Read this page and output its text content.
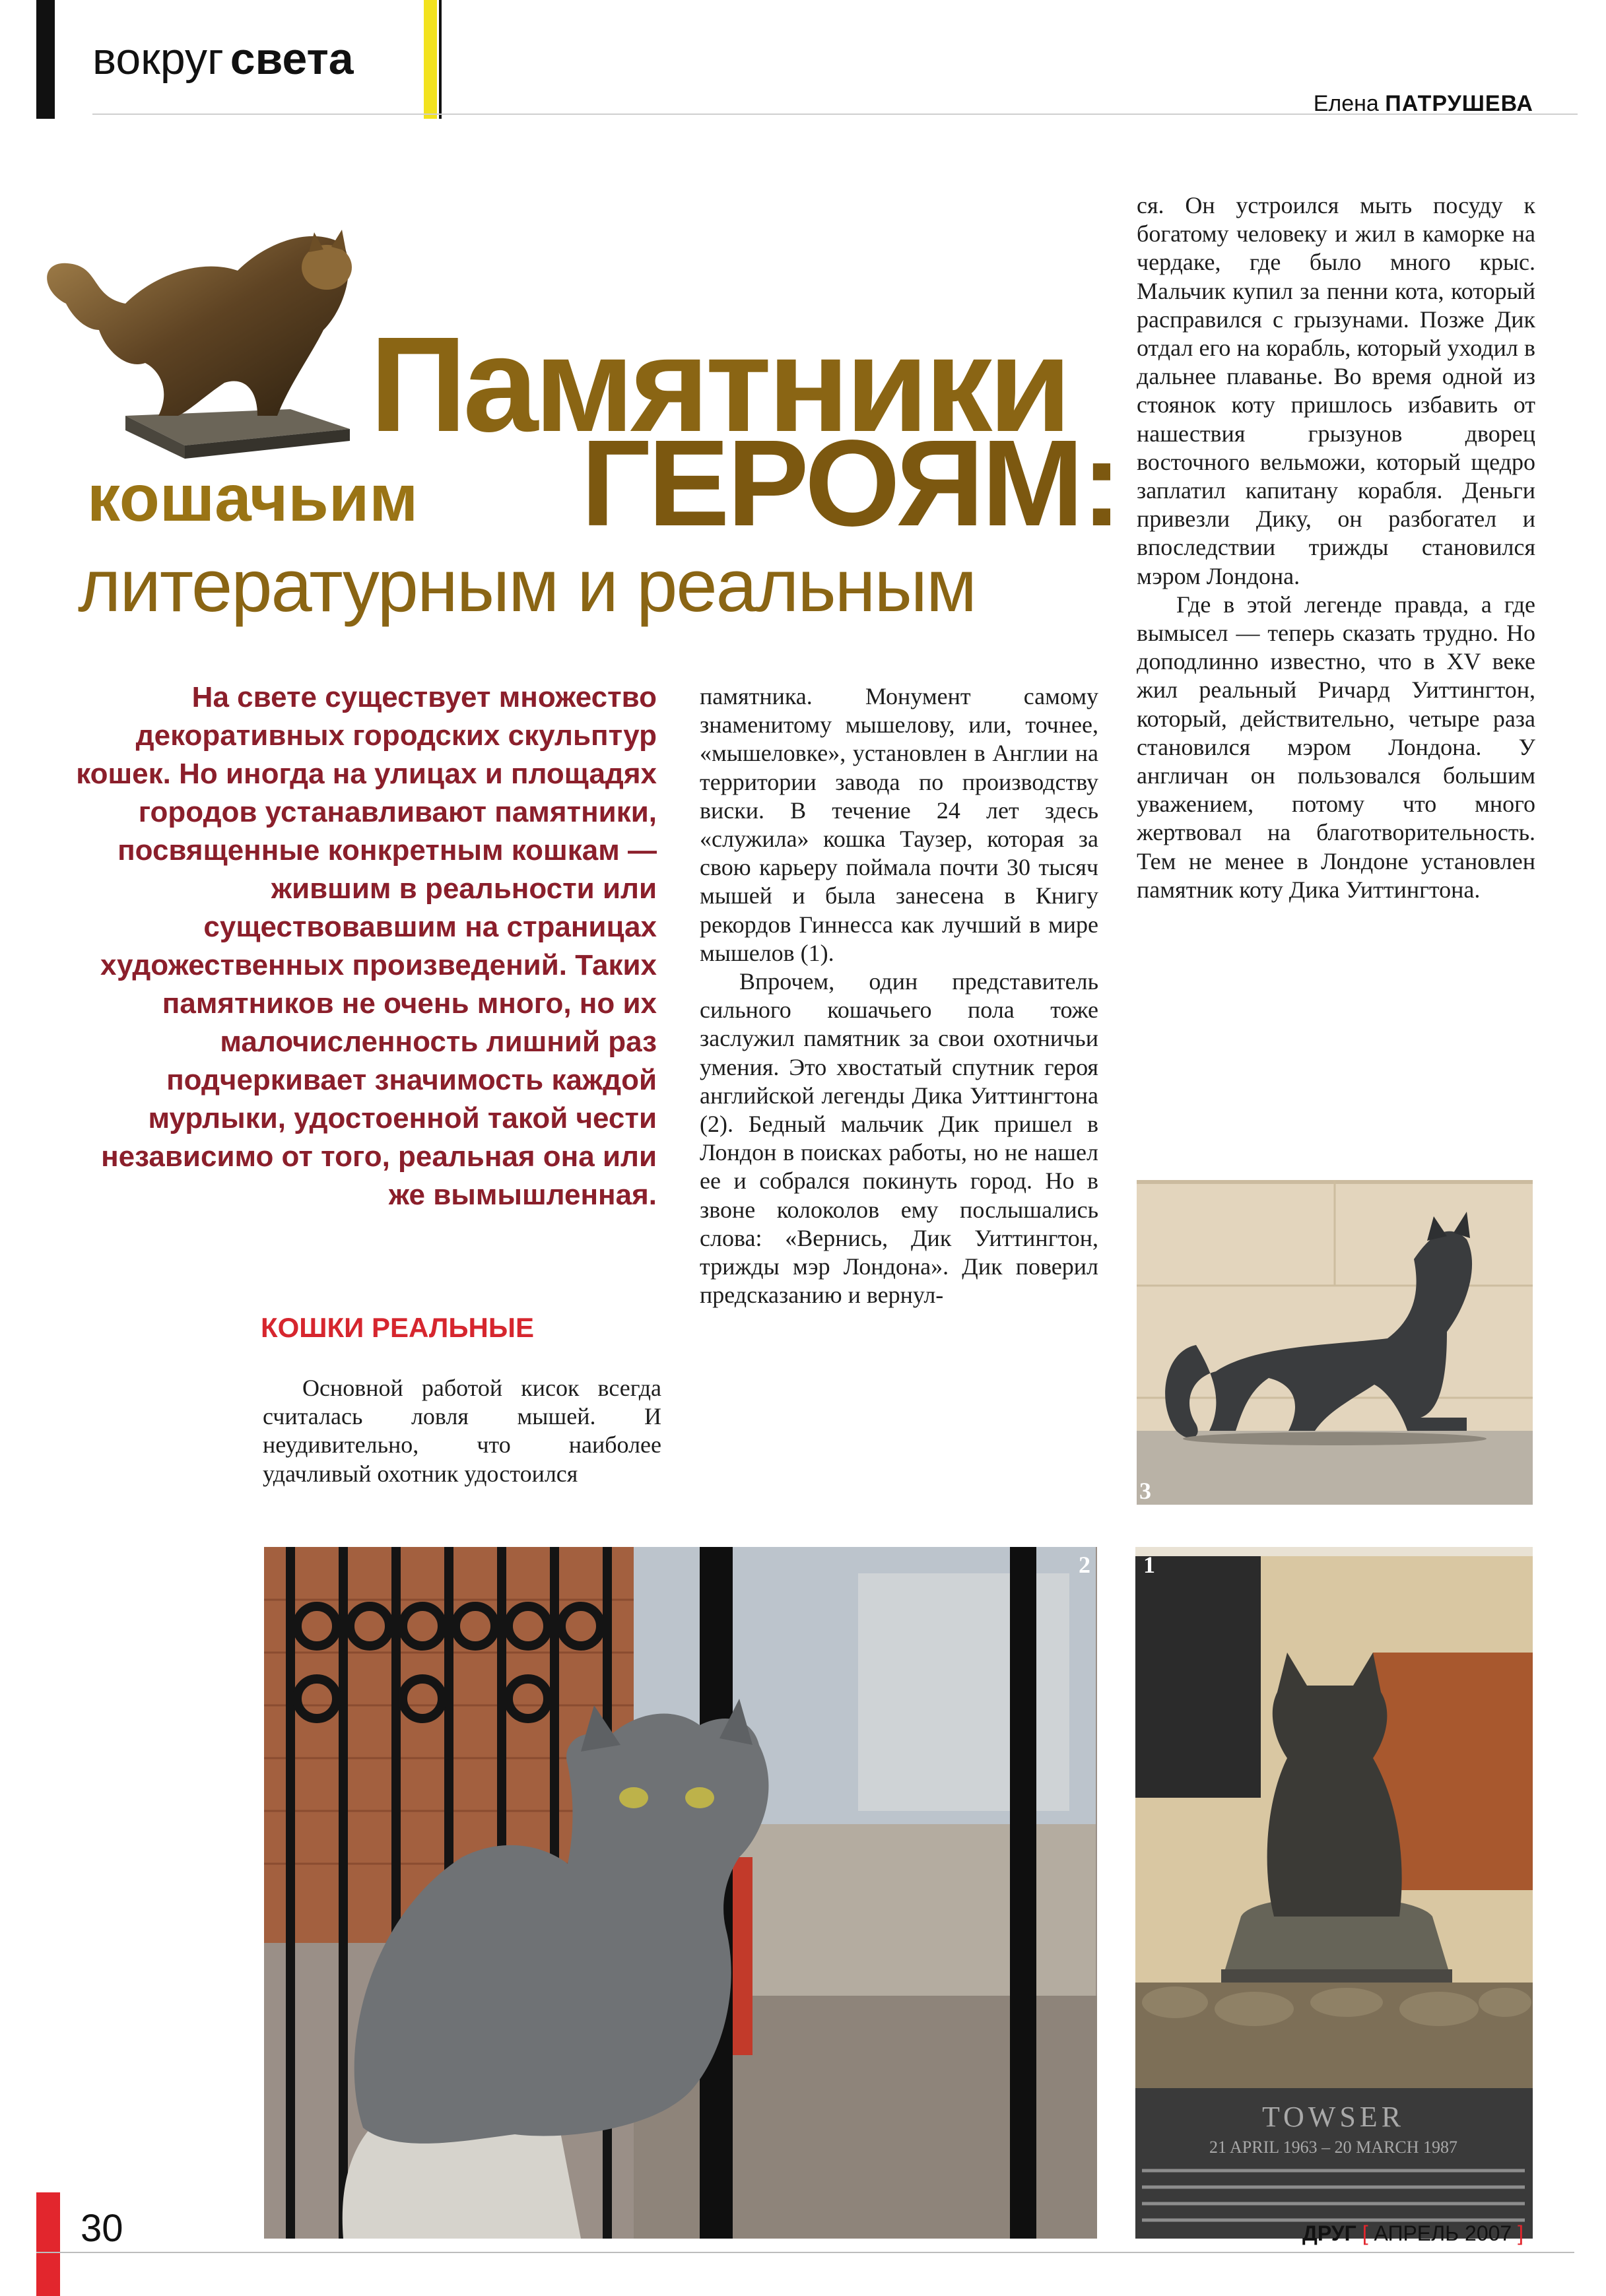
вокруг света
Елена ПАТРУШЕВА
Памятники
кошачьим ГЕРОЯМ:
литературным и реальным
На свете существует множество декоративных городских скульптур кошек. Но иногда на улицах и площадях городов устанавливают памятники, посвященные конкретным кошкам — жившим в реальности или существовавшим на страницах художественных произведений. Таких памятников не очень много, но их малочисленность лишний раз подчеркивает значимость каждой мурлыки, удостоенной такой чести независимо от того, реальная она или же вымышленная.
КОШКИ РЕАЛЬНЫЕ

Основной работой кисок всегда считалась ловля мышей. И неудивительно, что наиболее удачливый охотник удостоился

памятника. Монумент самому знаменитому мышелову, или, точнее, «мышеловке», установлен в Англии на территории завода по производству виски. В течение 24 лет здесь «служила» кошка Таузер, которая за свою карьеру поймала почти 30 тысяч мышей и была занесена в Книгу рекордов Гиннесса как лучший в мире мышелов (1).

Впрочем, один представитель сильного кошачьего пола тоже заслужил памятник за свои охотничьи умения. Это хвостатый спутник героя английской легенды Дика Уиттингтона (2). Бедный мальчик Дик пришел в Лондон в поисках работы, но не нашел ее и собрался покинуть город. Но в звоне колоколов ему послышались слова: «Вернись, Дик Уиттингтон, трижды мэр Лондона». Дик поверил предсказанию и вернул-

ся. Он устроился мыть посуду к богатому человеку и жил в каморке на чердаке, где было много крыс. Мальчик купил за пенни кота, который расправился с грызунами. Позже Дик отдал его на корабль, который уходил в дальнее плаванье. Во время одной из стоянок коту пришлось избавить от нашествия грызунов дворец восточного вельможи, который щедро заплатил капитану корабля. Деньги привезли Дику, он разбогател и впоследствии трижды становился мэром Лондона.

Где в этой легенде правда, а где вымысел — теперь сказать трудно. Но доподлинно известно, что в XV веке жил реальный Ричард Уиттингтон, который, действительно, четыре раза становился мэром Лондона. У англичан он пользовался большим уважением, потому что много жертвовал на благотворительность. Тем не менее в Лондоне установлен памятник коту Дика Уиттингтона.

3
2
TOWSER
21 APRIL 1963 – 20 MARCH 1987
1
30	ДРУГ [ АПРЕЛЬ 2007 ]
